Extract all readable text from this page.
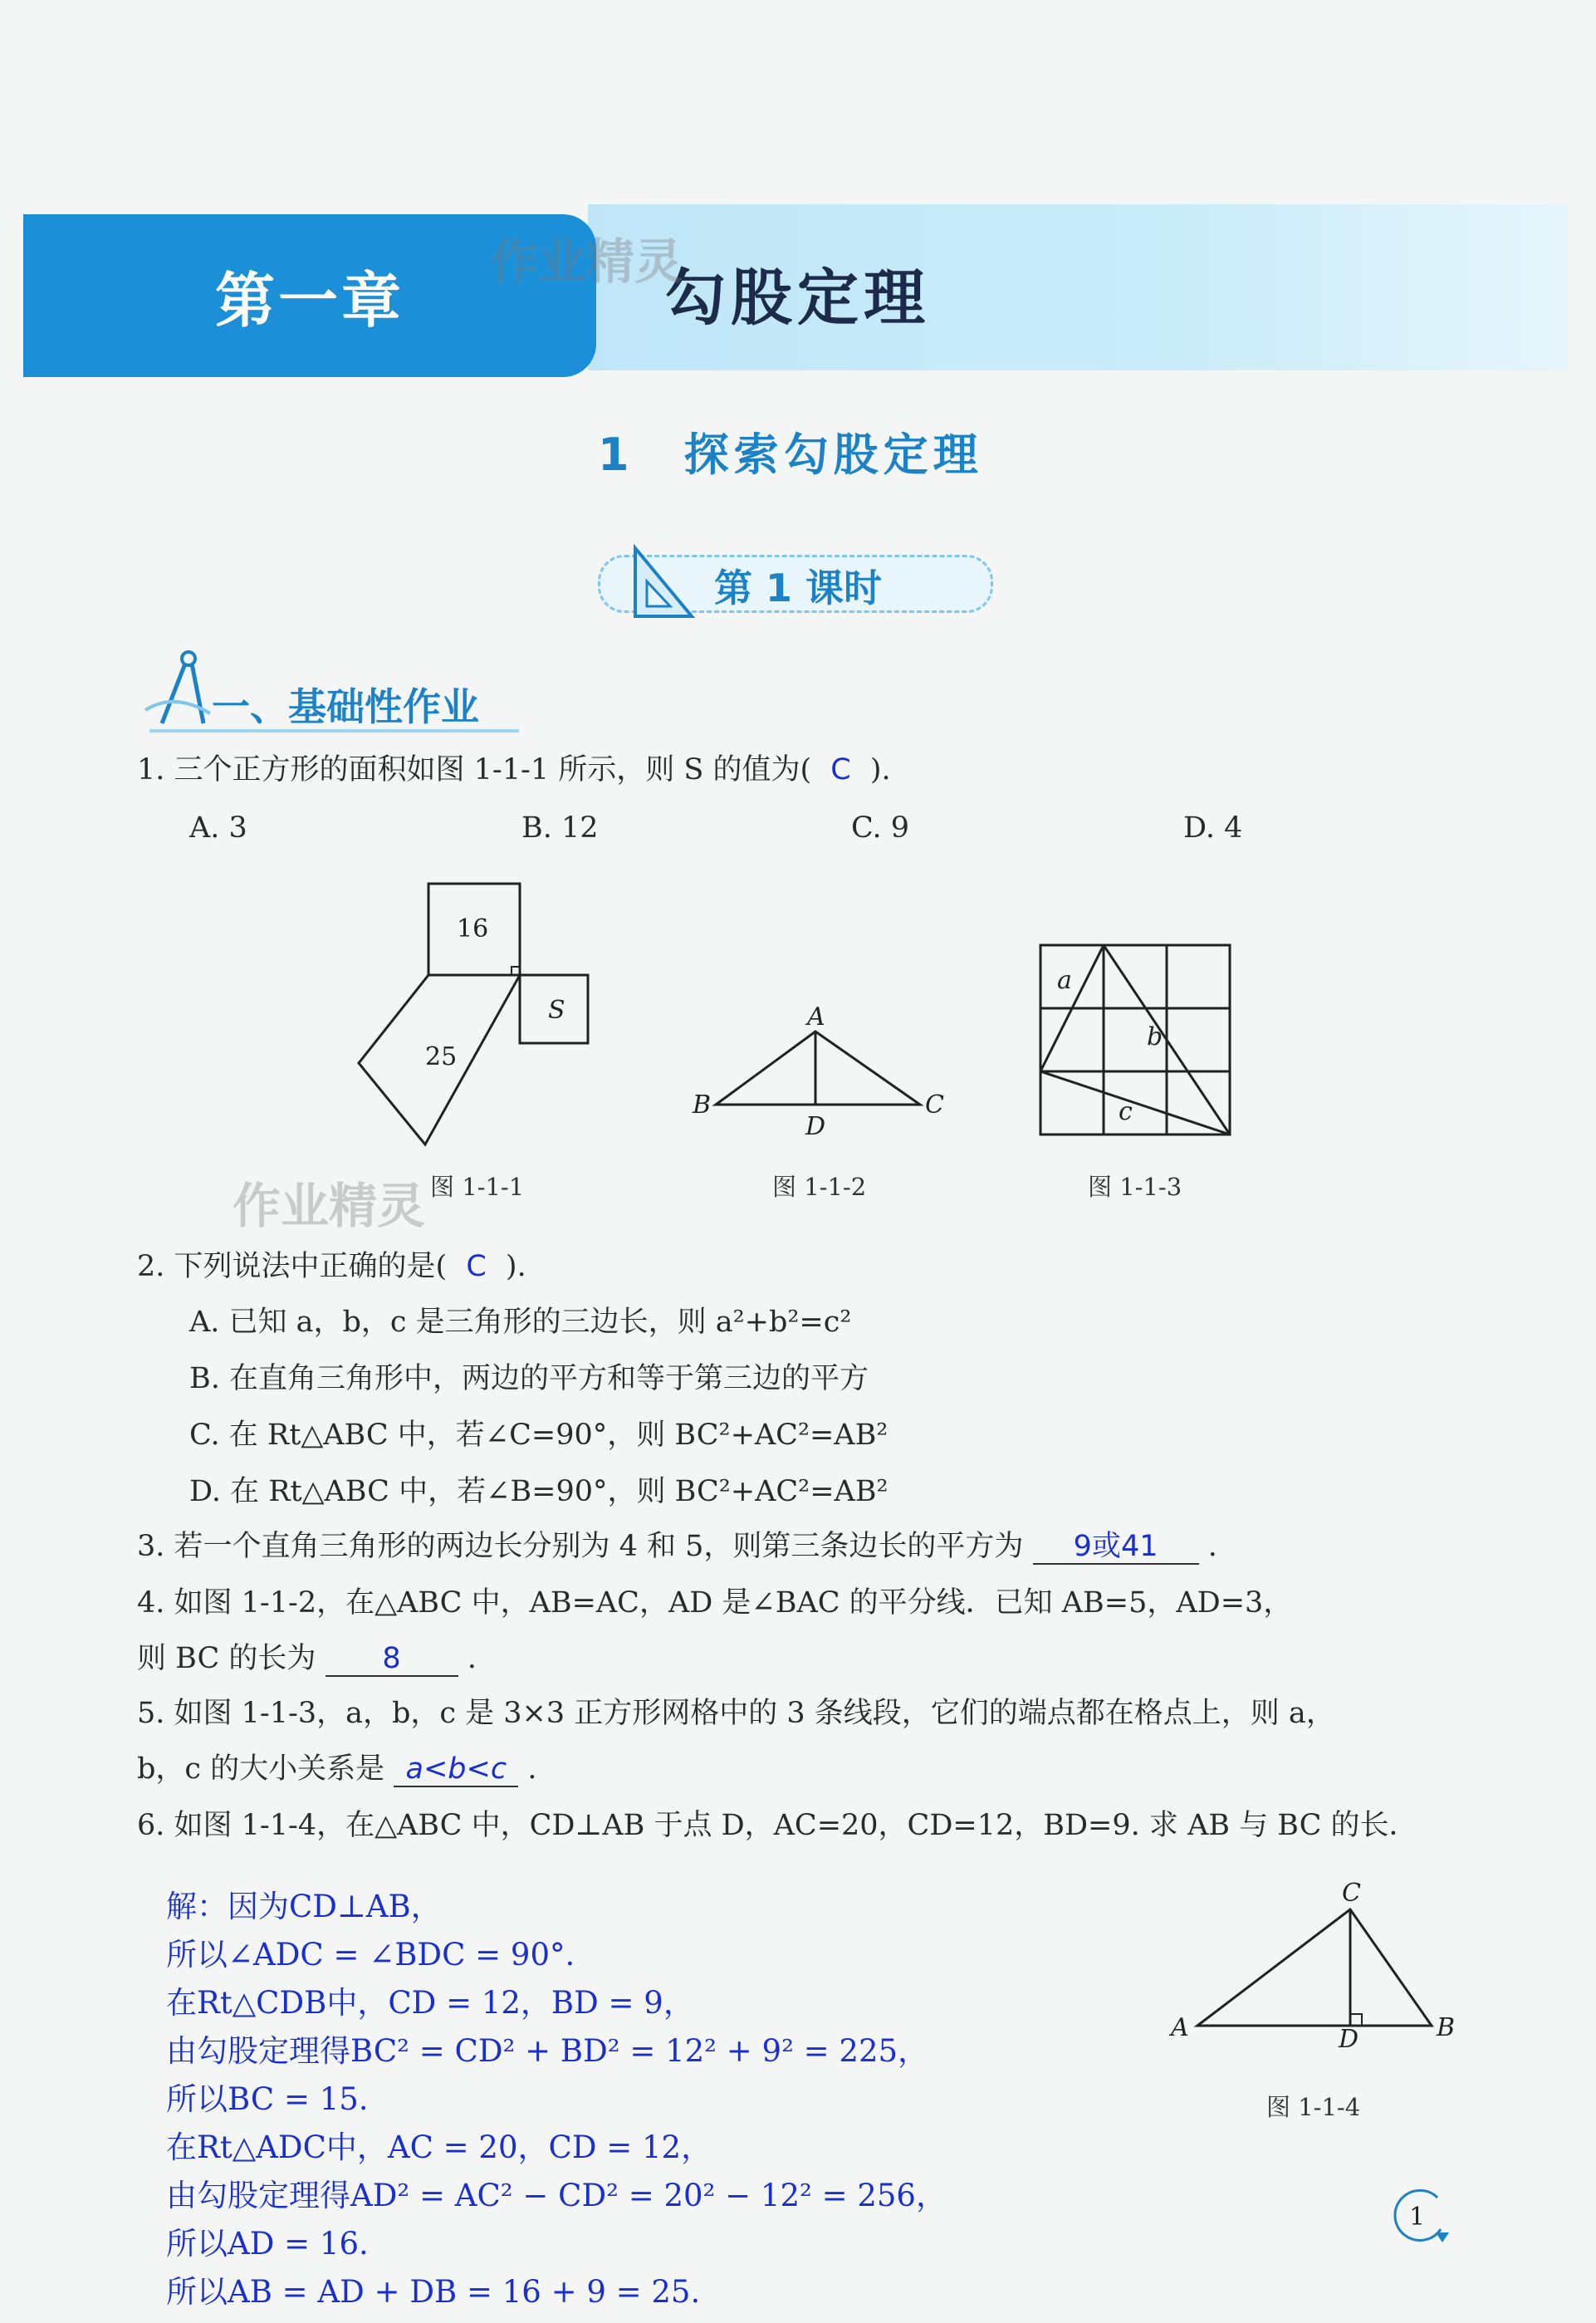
第一章	勾股定理
作业精灵
1　探索勾股定理
第 1 课时
一、基础性作业
1. 三个正方形的面积如图 1-1-1 所示，则 S 的值为( C ).
A. 3	B. 12	C. 9	D. 4
16
25
S
图 1-1-1
A
B	C
D
图 1-1-2
a
b
c
图 1-1-3
作业精灵
2. 下列说法中正确的是( C ).
A. 已知 a，b，c 是三角形的三边长，则 a²+b²=c²
B. 在直角三角形中，两边的平方和等于第三边的平方
C. 在 Rt△ABC 中，若∠C=90°，则 BC²+AC²=AB²
D. 在 Rt△ABC 中，若∠B=90°，则 BC²+AC²=AB²
3. 若一个直角三角形的两边长分别为 4 和 5，则第三条边长的平方为 9或41 .
4. 如图 1-1-2，在△ABC 中，AB=AC，AD 是∠BAC 的平分线．已知 AB=5，AD=3，
则 BC 的长为 8 .
5. 如图 1-1-3，a，b，c 是 3×3 正方形网格中的 3 条线段，它们的端点都在格点上，则 a，
b，c 的大小关系是 a<b<c .
6. 如图 1-1-4，在△ABC 中，CD⊥AB 于点 D，AC=20，CD=12，BD=9. 求 AB 与 BC 的长．
解：因为CD⊥AB，
所以∠ADC = ∠BDC = 90°.
在Rt△CDB中，CD = 12，BD = 9，
由勾股定理得BC² = CD² + BD² = 12² + 9² = 225，
所以BC = 15.
在Rt△ADC中，AC = 20，CD = 12，
由勾股定理得AD² = AC² − CD² = 20² − 12² = 256，
所以AD = 16.
所以AB = AD + DB = 16 + 9 = 25.
C
A	B
D
图 1-1-4
1
